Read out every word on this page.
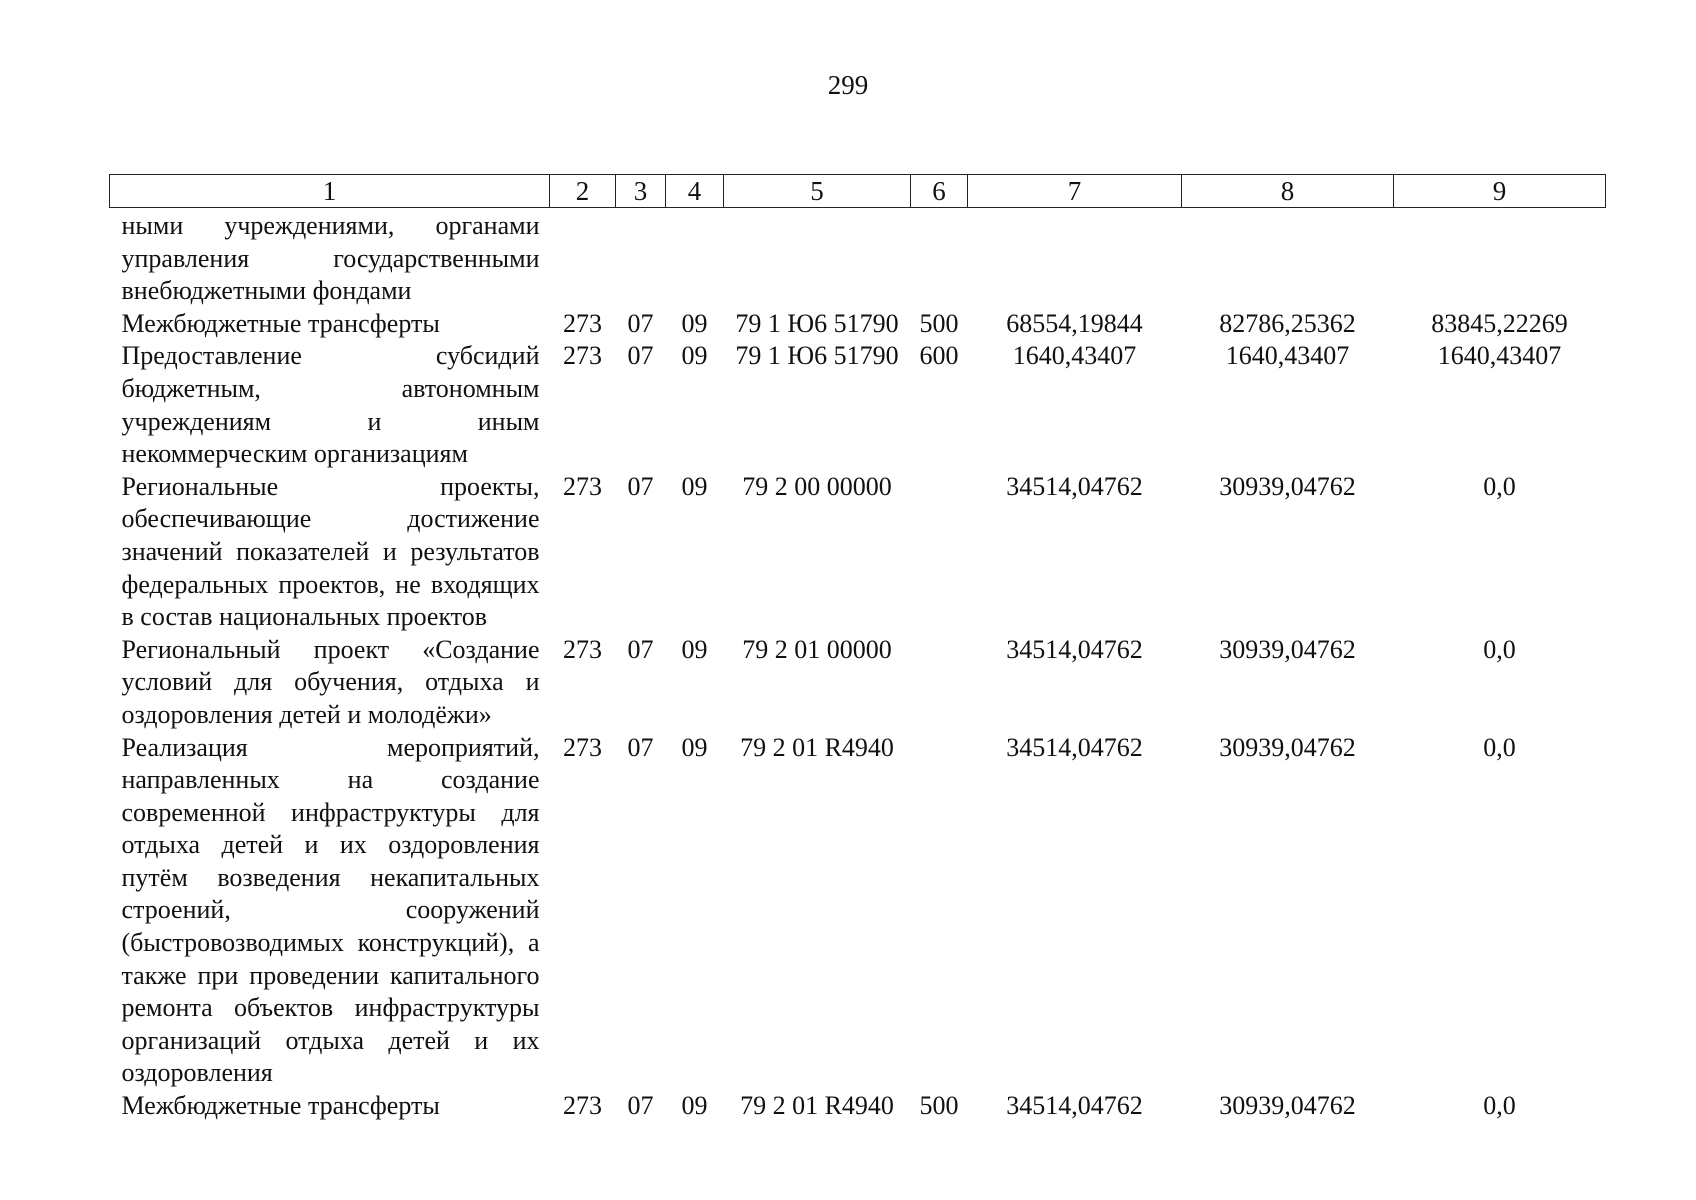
299
1	2	3	4	5	6	7	8	9
ными учреждениями, органами управления государственными внебюджетными фондами								
Межбюджетные трансферты	273	07	09	79 1 Ю6 51790	500	68554,19844	82786,25362	83845,22269
Предоставление субсидий бюджетным, автономным учреждениям и иным некоммерческим организациям	273	07	09	79 1 Ю6 51790	600	1640,43407	1640,43407	1640,43407
Региональные проекты, обеспечивающие достижение значений показателей и результатов федеральных проектов, не входящих в состав национальных проектов	273	07	09	79 2 00 00000		34514,04762	30939,04762	0,0
Региональный проект «Создание условий для обучения, отдыха и оздоровления детей и молодёжи»	273	07	09	79 2 01 00000		34514,04762	30939,04762	0,0
Реализация мероприятий, направленных на создание современной инфраструктуры для отдыха детей и их оздоровления путём возведения некапитальных строений, сооружений (быстровозводимых конструкций), а также при проведении капитального ремонта объектов инфраструктуры организаций отдыха детей и их оздоровления	273	07	09	79 2 01 R4940		34514,04762	30939,04762	0,0
Межбюджетные трансферты	273	07	09	79 2 01 R4940	500	34514,04762	30939,04762	0,0
